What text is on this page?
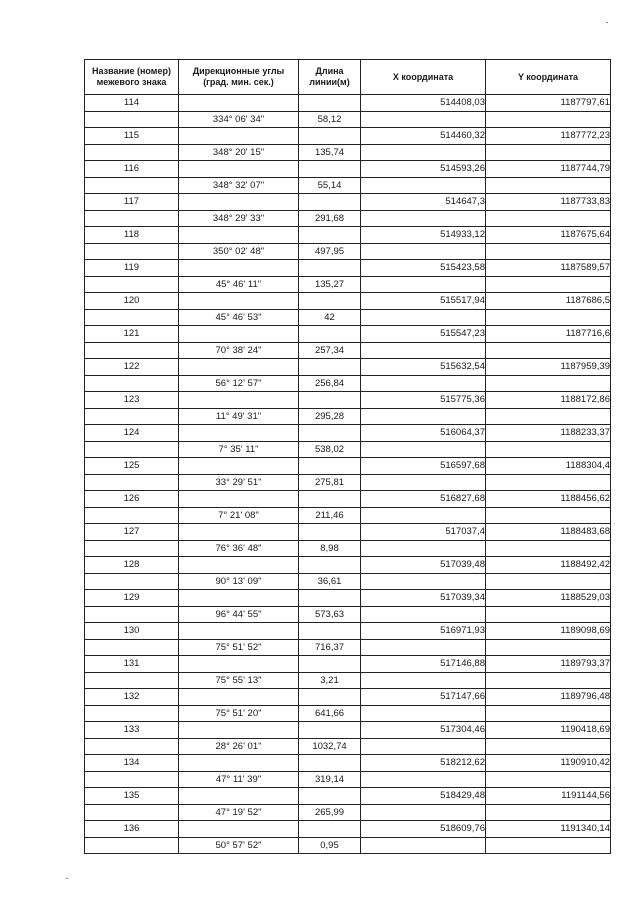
Название (номер) межевого знака	Дирекционные углы (град. мин. сек.)	Длина линии(м)	X координата	Y координата
114			514408,03	1187797,61
	334° 06' 34"	58,12		
115			514460,32	1187772,23
	348° 20' 15"	135,74		
116			514593,26	1187744,79
	348° 32' 07"	55,14		
117			514647,3	1187733,83
	348° 29' 33"	291,68		
118			514933,12	1187675,64
	350° 02' 48"	497,95		
119			515423,58	1187589,57
	45° 46' 11"	135,27		
120			515517,94	1187686,5
	45° 46' 53"	42		
121			515547,23	1187716,6
	70° 38' 24"	257,34		
122			515632,54	1187959,39
	56° 12' 57"	256,84		
123			515775,36	1188172,86
	11° 49' 31"	295,28		
124			516064,37	1188233,37
	7° 35' 11"	538,02		
125			516597,68	1188304,4
	33° 29' 51"	275,81		
126			516827,68	1188456,62
	7° 21' 08"	211,46		
127			517037,4	1188483,68
	76° 36' 48"	8,98		
128			517039,48	1188492,42
	90° 13' 09"	36,61		
129			517039,34	1188529,03
	96° 44' 55"	573,63		
130			516971,93	1189098,69
	75° 51' 52"	716,37		
131			517146,88	1189793,37
	75° 55' 13"	3,21		
132			517147,66	1189796,48
	75° 51' 20"	641,66		
133			517304,46	1190418,69
	28° 26' 01"	1032,74		
134			518212,62	1190910,42
	47° 11' 39"	319,14		
135			518429,48	1191144,56
	47° 19' 52"	265,99		
136			518609,76	1191340,14
	50° 57' 52"	0,95		
